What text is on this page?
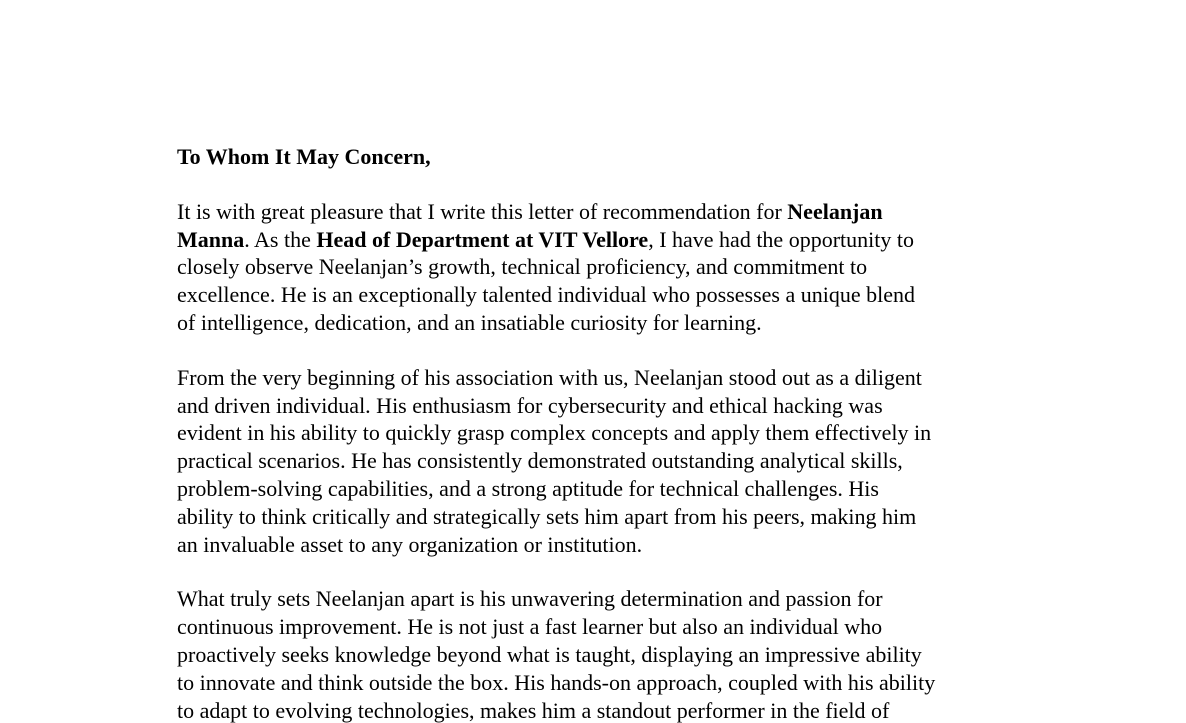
To Whom It May Concern,
It is with great pleasure that I write this letter of recommendation for Neelanjan
Manna. As the Head of Department at VIT Vellore, I have had the opportunity to
closely observe Neelanjan’s growth, technical proficiency, and commitment to
excellence. He is an exceptionally talented individual who possesses a unique blend
of intelligence, dedication, and an insatiable curiosity for learning.
From the very beginning of his association with us, Neelanjan stood out as a diligent
and driven individual. His enthusiasm for cybersecurity and ethical hacking was
evident in his ability to quickly grasp complex concepts and apply them effectively in
practical scenarios. He has consistently demonstrated outstanding analytical skills,
problem-solving capabilities, and a strong aptitude for technical challenges. His
ability to think critically and strategically sets him apart from his peers, making him
an invaluable asset to any organization or institution.
What truly sets Neelanjan apart is his unwavering determination and passion for
continuous improvement. He is not just a fast learner but also an individual who
proactively seeks knowledge beyond what is taught, displaying an impressive ability
to innovate and think outside the box. His hands-on approach, coupled with his ability
to adapt to evolving technologies, makes him a standout performer in the field of
